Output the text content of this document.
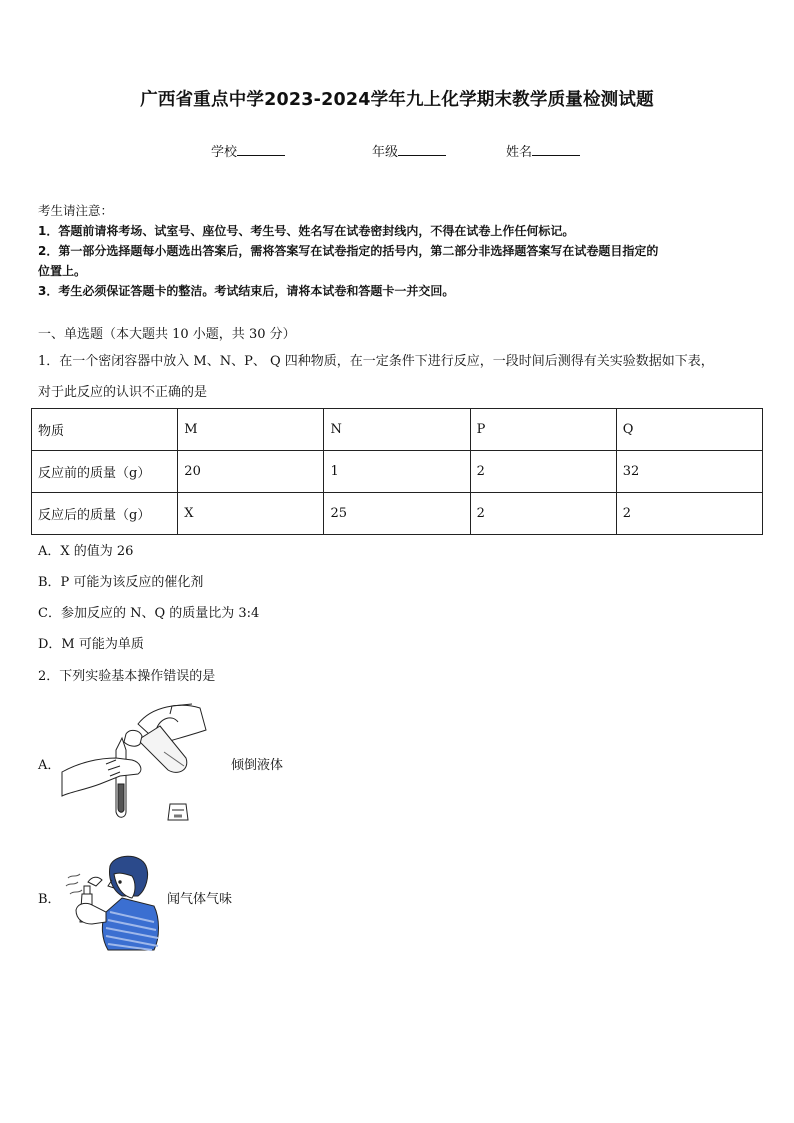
广西省重点中学2023-2024学年九上化学期末教学质量检测试题
学校	年级	姓名

考生请注意：

1．答题前请将考场、试室号、座位号、考生号、姓名写在试卷密封线内，不得在试卷上作任何标记。

2．第一部分选择题每小题选出答案后，需将答案写在试卷指定的括号内，第二部分非选择题答案写在试卷题目指定的

位置上。

3．考生必须保证答题卡的整洁。考试结束后，请将本试卷和答题卡一并交回。

一、单选题（本大题共 10 小题，共 30 分）
1．在一个密闭容器中放入 M、N、P、 Q 四种物质，在一定条件下进行反应，一段时间后测得有关实验数据如下表，
对于此反应的认识不正确的是
物质	M	N	P	Q
反应前的质量（g）	20	1	2	32
反应后的质量（g）	X	25	2	2
A．X 的值为 26
B．P 可能为该反应的催化剂
C．参加反应的 N、Q 的质量比为 3:4
D．M 可能为单质
2．下列实验基本操作错误的是
A．	倾倒液体
B．	闻气体气味
